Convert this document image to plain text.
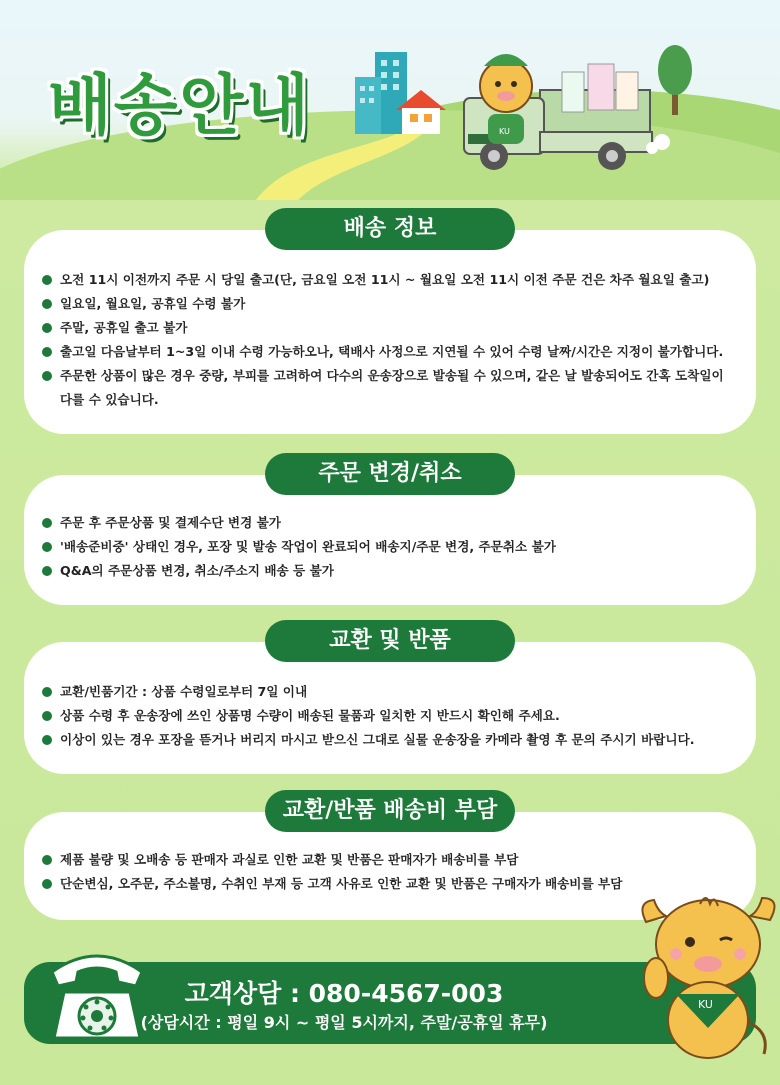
KU
배송안내
오전 11시 이전까지 주문 시 당일 출고(단, 금요일 오전 11시 ~ 월요일 오전 11시 이전 주문 건은 차주 월요일 출고)
일요일, 월요일, 공휴일 수령 불가
주말, 공휴일 출고 불가
출고일 다음날부터 1~3일 이내 수령 가능하오나, 택배사 사정으로 지연될 수 있어 수령 날짜/시간은 지정이 불가합니다.
주문한 상품이 많은 경우 중량, 부피를 고려하여 다수의 운송장으로 발송될 수 있으며, 같은 날 발송되어도 간혹 도착일이 다를 수 있습니다.
배송 정보
주문 후 주문상품 및 결제수단 변경 불가
'배송준비중' 상태인 경우, 포장 및 발송 작업이 완료되어 배송지/주문 변경, 주문취소 불가
Q&A의 주문상품 변경, 취소/주소지 배송 등 불가
주문 변경/취소
교환/빈품기간 : 상품 수령일로부터 7일 이내
상품 수령 후 운송장에 쓰인 상품명 수량이 배송된 물품과 일치한 지 반드시 확인해 주세요.
이상이 있는 경우 포장을 뜯거나 버리지 마시고 받으신 그대로 실물 운송장을 카메라 촬영 후 문의 주시기 바랍니다.
교환 및 반품
제품 불량 및 오배송 등 판매자 과실로 인한 교환 및 반품은 판매자가 배송비를 부담
단순변심, 오주문, 주소불명, 수취인 부재 등 고객 사유로 인한 교환 및 반품은 구매자가 배송비를 부담
교환/반품 배송비 부담
고객상담 : 080-4567-003
(상담시간 : 평일 9시 ~ 평일 5시까지, 주말/공휴일 휴무)
KU
